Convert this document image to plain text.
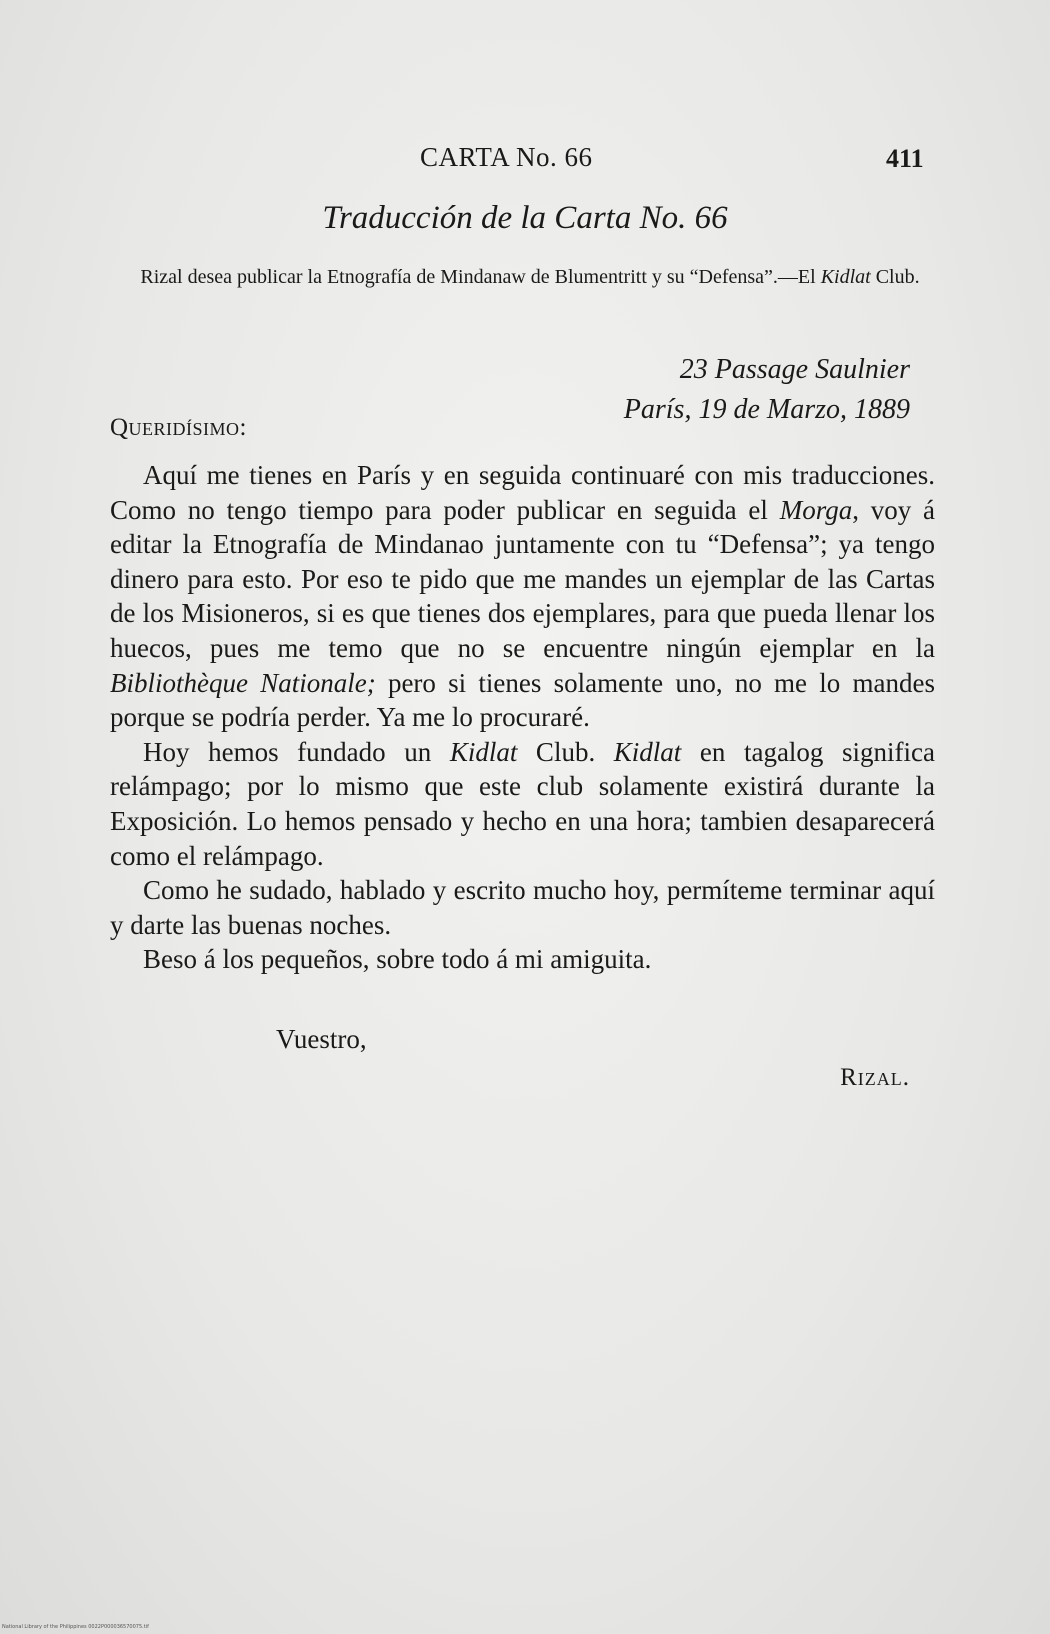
CARTA No. 66	411
Traducción de la Carta No. 66
Rizal desea publicar la Etnografía de Mindanaw de Blumentritt y su “Defensa”.—El Kidlat Club.
23 Passage Saulnier
París, 19 de Marzo, 1889
Queridísimo:

Aquí me tienes en París y en seguida continuaré con mis traducciones. Como no tengo tiempo para poder publicar en seguida el Morga, voy á editar la Etnografía de Mindanao juntamente con tu “Defensa”; ya tengo dinero para esto. Por eso te pido que me mandes un ejemplar de las Cartas de los Misioneros, si es que tienes dos ejemplares, para que pueda llenar los huecos, pues me temo que no se encuentre ningún ejemplar en la Bibliothèque Nationale; pero si tienes solamente uno, no me lo mandes porque se podría perder. Ya me lo procuraré.

Hoy hemos fundado un Kidlat Club. Kidlat en tagalog significa relámpago; por lo mismo que este club solamente existirá durante la Exposición. Lo hemos pensado y hecho en una hora; tambien desaparecerá como el relámpago.

Como he sudado, hablado y escrito mucho hoy, permíteme terminar aquí y darte las buenas noches.

Beso á los pequeños, sobre todo á mi amiguita.

Vuestro,
Rizal.
National Library of the Philippines 0022P000036570075.tif
